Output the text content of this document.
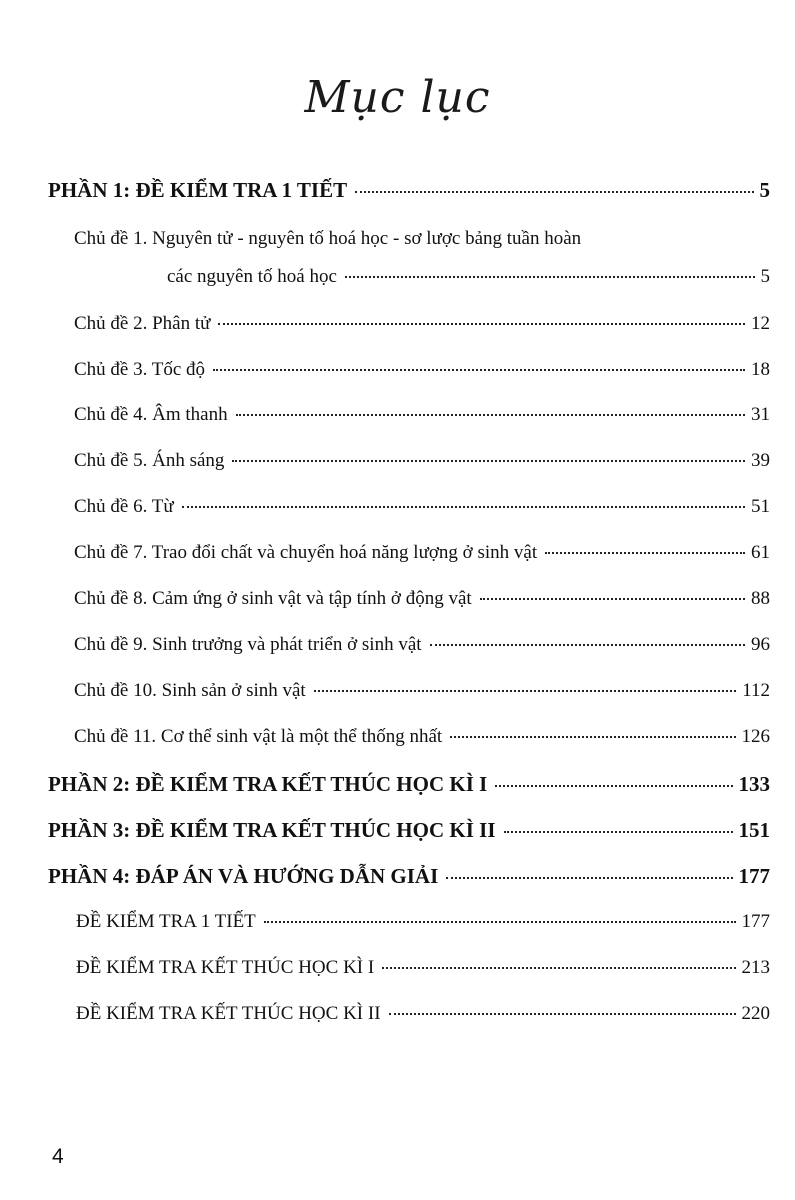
Mục lục
PHẦN 1: ĐỀ KIỂM TRA 1 TIẾT	5
Chủ đề 1. Nguyên tử - nguyên tố hoá học - sơ lược bảng tuần hoàn
các nguyên tố hoá học	5
Chủ đề 2. Phân tử	12
Chủ đề 3. Tốc độ	18
Chủ đề 4. Âm thanh	31
Chủ đề 5. Ánh sáng	39
Chủ đề 6. Từ	51
Chủ đề 7. Trao đổi chất và chuyển hoá năng lượng ở sinh vật	61
Chủ đề 8. Cảm ứng ở sinh vật và tập tính ở động vật	88
Chủ đề 9. Sinh trưởng và phát triển ở sinh vật	96
Chủ đề 10. Sinh sản ở sinh vật	112
Chủ đề 11. Cơ thể sinh vật là một thể thống nhất	126
PHẦN 2: ĐỀ KIỂM TRA KẾT THÚC HỌC KÌ I	133
PHẦN 3: ĐỀ KIỂM TRA KẾT THÚC HỌC KÌ II	151
PHẦN 4: ĐÁP ÁN VÀ HƯỚNG DẪN GIẢI	177
ĐỀ KIỂM TRA 1 TIẾT	177
ĐỀ KIỂM TRA KẾT THÚC HỌC KÌ I	213
ĐỀ KIỂM TRA KẾT THÚC HỌC KÌ II	220
4
